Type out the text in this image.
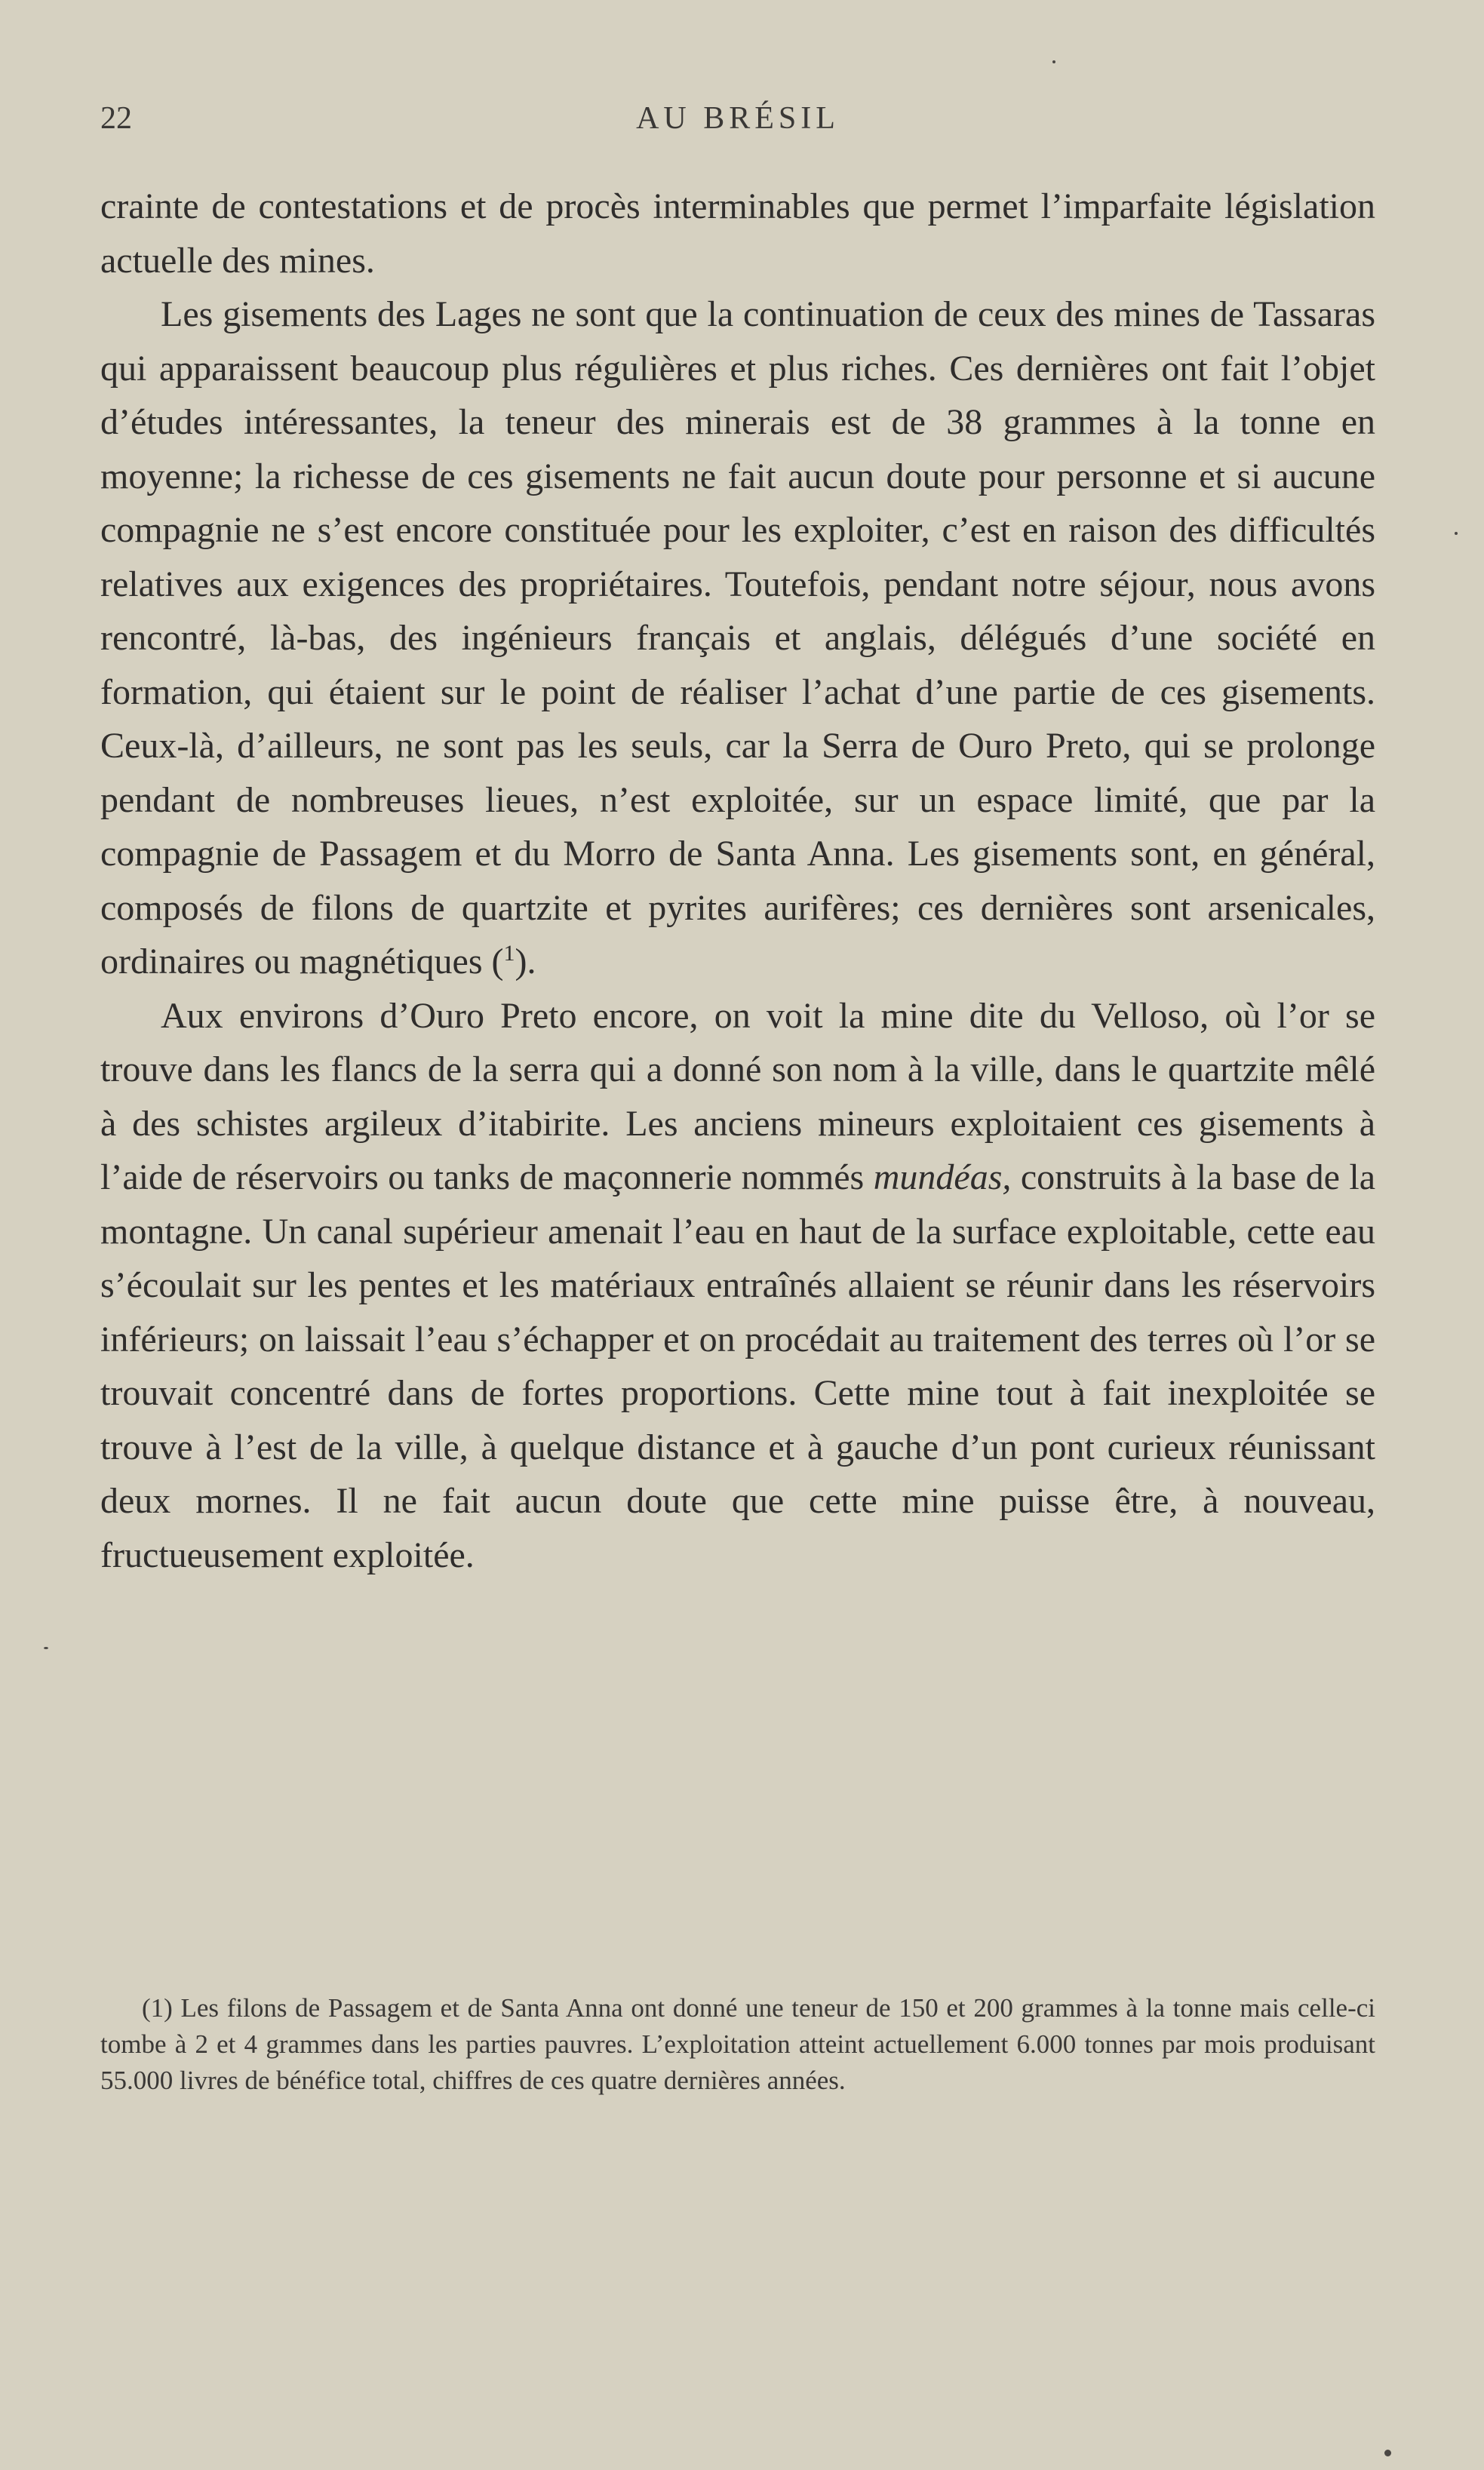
22	AU BRÉSIL

crainte de contestations et de procès interminables que permet l’imparfaite législation actuelle des mines.

Les gisements des Lages ne sont que la continuation de ceux des mines de Tassaras qui apparaissent beaucoup plus régulières et plus riches. Ces dernières ont fait l’objet d’études intéressantes, la teneur des minerais est de 38 grammes à la tonne en moyenne; la richesse de ces gisements ne fait aucun doute pour personne et si aucune compagnie ne s’est encore constituée pour les exploiter, c’est en raison des difficultés relatives aux exigences des propriétaires. Toutefois, pendant notre séjour, nous avons rencontré, là-bas, des ingénieurs français et anglais, délégués d’une société en formation, qui étaient sur le point de réaliser l’achat d’une partie de ces gisements. Ceux-là, d’ailleurs, ne sont pas les seuls, car la Serra de Ouro Preto, qui se prolonge pendant de nombreuses lieues, n’est exploitée, sur un espace limité, que par la compagnie de Passagem et du Morro de Santa Anna. Les gisements sont, en général, composés de filons de quartzite et pyrites aurifères; ces dernières sont arsenicales, ordinaires ou magnétiques ($^1$).

Aux environs d’Ouro Preto encore, on voit la mine dite du Velloso, où l’or se trouve dans les flancs de la serra qui a donné son nom à la ville, dans le quartzite mêlé à des schistes argileux d’itabirite. Les anciens mineurs exploitaient ces gisements à l’aide de réservoirs ou tanks de maçonnerie nommés mundéas, construits à la base de la montagne. Un canal supérieur amenait l’eau en haut de la surface exploitable, cette eau s’écoulait sur les pentes et les matériaux entraînés allaient se réunir dans les réservoirs inférieurs; on laissait l’eau s’échapper et on procédait au traitement des terres où l’or se trouvait concentré dans de fortes proportions. Cette mine tout à fait inexploitée se trouve à l’est de la ville, à quelque distance et à gauche d’un pont curieux réunissant deux mornes. Il ne fait aucun doute que cette mine puisse être, à nouveau, fructueusement exploitée.

(1) Les filons de Passagem et de Santa Anna ont donné une teneur de 150 et 200 grammes à la tonne mais celle-ci tombe à 2 et 4 grammes dans les parties pauvres. L’exploitation atteint actuellement 6.000 tonnes par mois produisant 55.000 livres de bénéfice total, chiffres de ces quatre dernières années.
